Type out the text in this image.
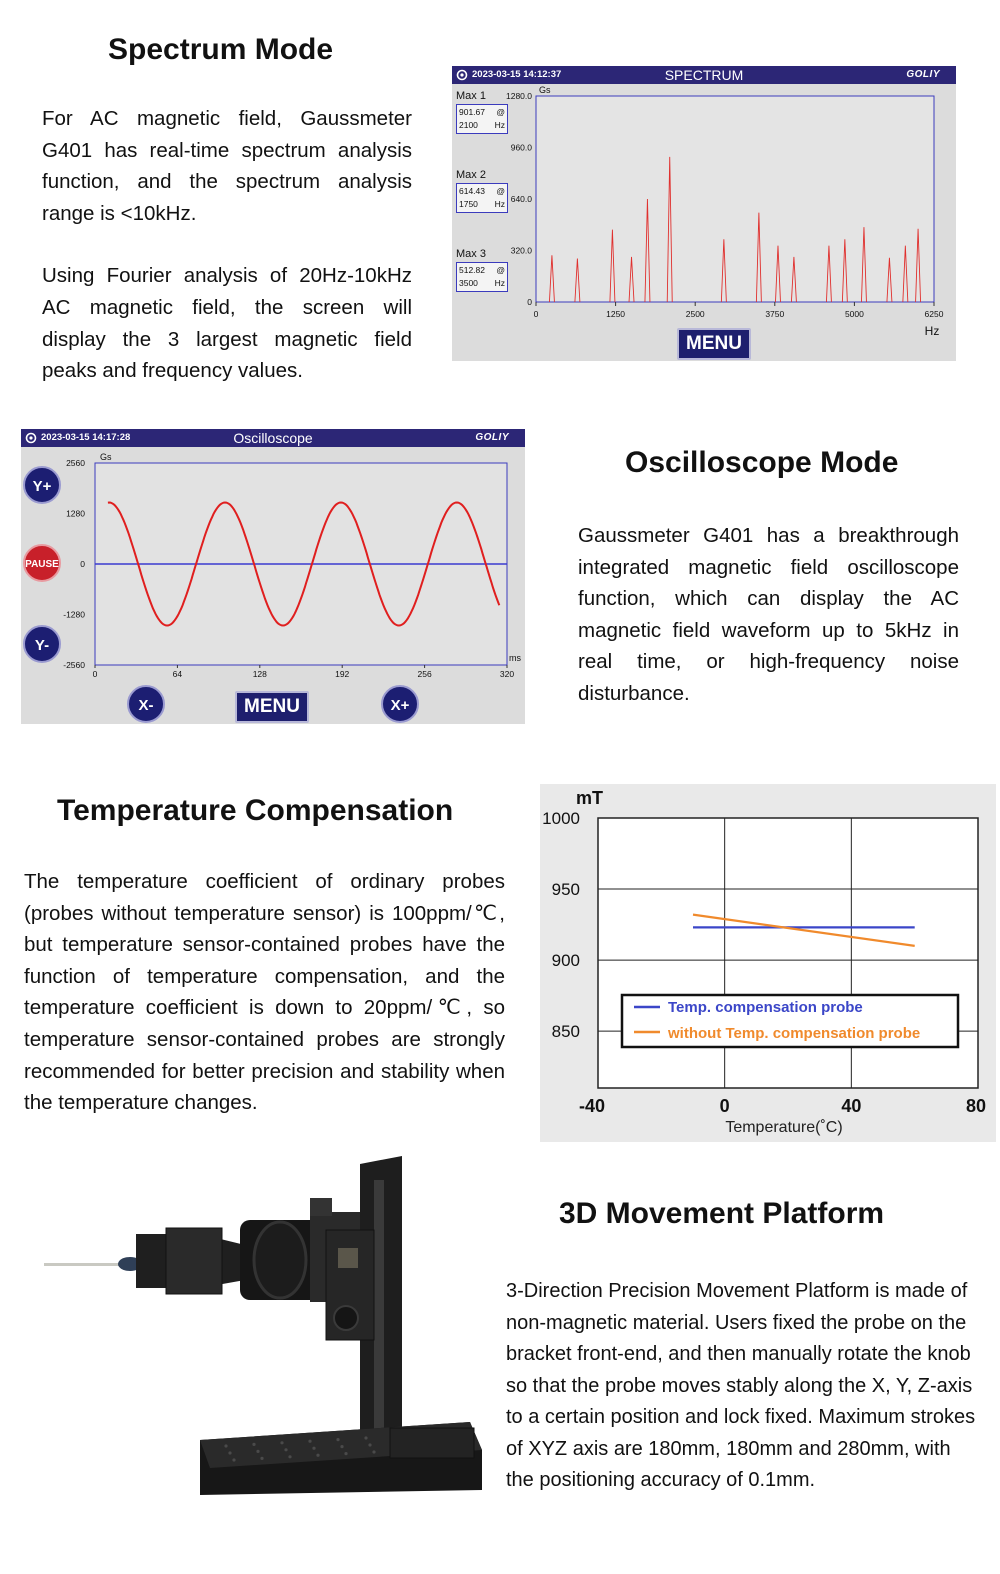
Spectrum Mode

For AC magnetic field, Gaussmeter G401 has real-time spectrum analysis function, and the spectrum analysis range is <10kHz.

Using Fourier analysis of 20Hz-10kHz AC magnetic field, the screen will display the 3 largest magnetic field peaks and frequency values.

2023-03-15 14:12:37	SPECTRUM	GOLIY
Max 1
901.67 @
2100 Hz
Max 2
614.43 @
1750 Hz
Max 3
512.82 @
3500 Hz
Gs
Hz
1280.0
960.0
640.0
320.0
0
0	1250	2500	3750	5000	6250
MENU
2023-03-15 14:17:28	Oscilloscope	GOLIY
Gs
ms
2560
1280
0
-1280
-2560
0	64	128	192	256	320
Y+
PAUSE
Y-
X-	MENU	X+
Oscilloscope Mode

Gaussmeter G401 has a breakthrough integrated magnetic field oscilloscope function, which can display the AC magnetic field waveform up to 5kHz in real time, or high-frequency noise disturbance.

Temperature Compensation

The temperature coefficient of ordinary probes (probes without temperature sensor) is 100ppm/℃, but temperature sensor-contained probes have the function of temperature compensation, and the temperature coefficient is down to 20ppm/℃, so temperature sensor-contained probes are strongly recommended for better precision and stability when the temperature changes.

mT
Temperature(˚C)
1000
950
900
850
-40	0	40	80
Temp. compensation probe
without Temp. compensation probe
3D Movement Platform

3-Direction Precision Movement Platform is made of non-magnetic material. Users fixed the probe on the bracket front-end, and then manually rotate the knob so that the probe moves stably along the X, Y, Z-axis to a certain position and lock fixed. Maximum strokes of XYZ axis are 180mm, 180mm and 280mm, with the positioning accuracy of 0.1mm.
